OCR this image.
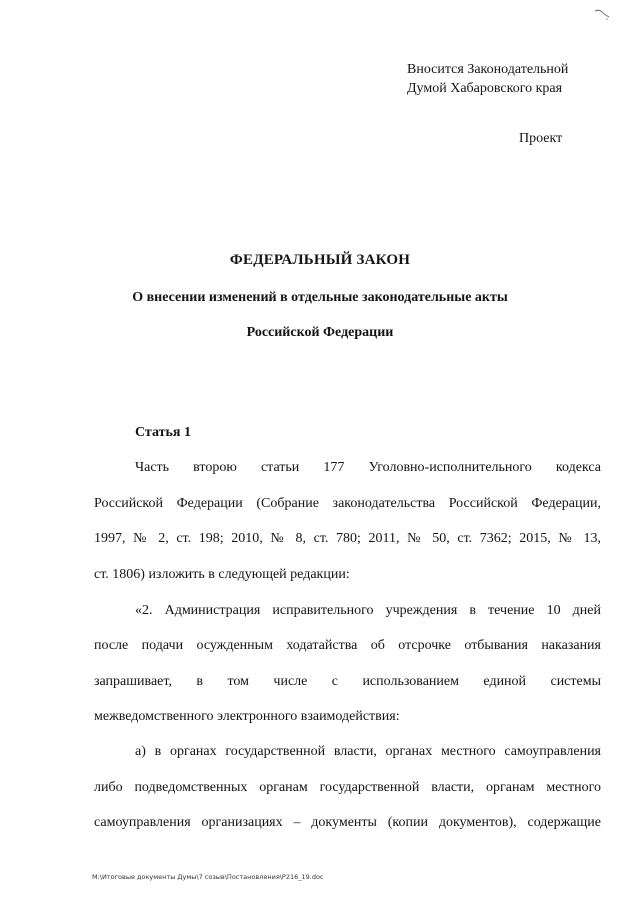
Вносится Законодательной
Думой Хабаровского края
Проект
ФЕДЕРАЛЬНЫЙ ЗАКОН
О внесении изменений в отдельные законодательные акты
Российской Федерации
Статья 1
Часть второю статьи 177 Уголовно-исполнительного кодекса
Российской Федерации (Собрание законодательства Российской Федерации,
1997, № 2, ст. 198; 2010, № 8, ст. 780; 2011, № 50, ст. 7362; 2015, № 13,
ст. 1806) изложить в следующей редакции:
«2. Администрация исправительного учреждения в течение 10 дней
после подачи осужденным ходатайства об отсрочке отбывания наказания
запрашивает, в том числе с использованием единой системы
межведомственного электронного взаимодействия:
а) в органах государственной власти, органах местного самоуправления
либо подведомственных органам государственной власти, органам местного
самоуправления организациях – документы (копии документов), содержащие
M:\Итоговые документы Думы\7 созыв\Постановления\P216_19.doc
